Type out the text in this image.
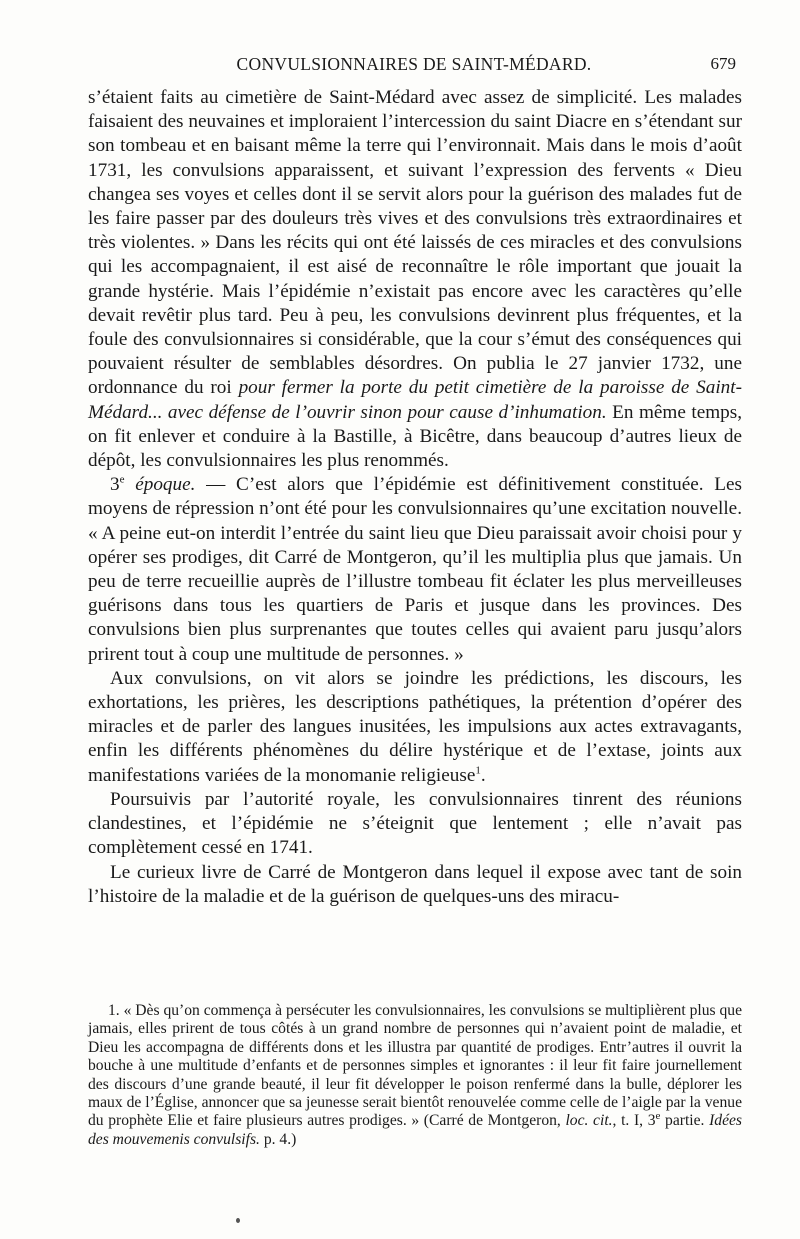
CONVULSIONNAIRES DE SAINT-MÉDARD.	679

s’étaient faits au cimetière de Saint-Médard avec assez de simplicité. Les malades faisaient des neuvaines et imploraient l’intercession du saint Diacre en s’étendant sur son tombeau et en baisant même la terre qui l’environnait. Mais dans le mois d’août 1731, les convulsions apparaissent, et suivant l’expression des fervents « Dieu changea ses voyes et celles dont il se servit alors pour la guérison des malades fut de les faire passer par des douleurs très vives et des convulsions très extraordinaires et très violentes. » Dans les récits qui ont été laissés de ces miracles et des convulsions qui les accompagnaient, il est aisé de reconnaître le rôle important que jouait la grande hystérie. Mais l’épidémie n’existait pas encore avec les caractères qu’elle devait revêtir plus tard. Peu à peu, les convulsions devinrent plus fréquentes, et la foule des convulsionnaires si considérable, que la cour s’émut des conséquences qui pouvaient résulter de semblables désordres. On publia le 27 janvier 1732, une ordonnance du roi pour fermer la porte du petit cimetière de la paroisse de Saint-Médard... avec défense de l’ouvrir sinon pour cause d’inhumation. En même temps, on fit enlever et conduire à la Bastille, à Bicêtre, dans beaucoup d’autres lieux de dépôt, les convulsionnaires les plus renommés.

3e époque. — C’est alors que l’épidémie est définitivement constituée. Les moyens de répression n’ont été pour les convulsionnaires qu’une excitation nouvelle. « A peine eut-on interdit l’entrée du saint lieu que Dieu paraissait avoir choisi pour y opérer ses prodiges, dit Carré de Montgeron, qu’il les multiplia plus que jamais. Un peu de terre recueillie auprès de l’illustre tombeau fit éclater les plus merveilleuses guérisons dans tous les quartiers de Paris et jusque dans les provinces. Des convulsions bien plus surprenantes que toutes celles qui avaient paru jusqu’alors prirent tout à coup une multitude de personnes. »

Aux convulsions, on vit alors se joindre les prédictions, les discours, les exhortations, les prières, les descriptions pathétiques, la prétention d’opérer des miracles et de parler des langues inusitées, les impulsions aux actes extravagants, enfin les différents phénomènes du délire hystérique et de l’extase, joints aux manifestations variées de la monomanie religieuse$^1$.

Poursuivis par l’autorité royale, les convulsionnaires tinrent des réunions clandestines, et l’épidémie ne s’éteignit que lentement ; elle n’avait pas complètement cessé en 1741.

Le curieux livre de Carré de Montgeron dans lequel il expose avec tant de soin l’histoire de la maladie et de la guérison de quelques-uns des miracu-

1. « Dès qu’on commença à persécuter les convulsionnaires, les convulsions se multiplièrent plus que jamais, elles prirent de tous côtés à un grand nombre de personnes qui n’avaient point de maladie, et Dieu les accompagna de différents dons et les illustra par quantité de prodiges. Entr’autres il ouvrit la bouche à une multitude d’enfants et de personnes simples et ignorantes : il leur fit faire journellement des discours d’une grande beauté, il leur fit développer le poison renfermé dans la bulle, déplorer les maux de l’Église, annoncer que sa jeunesse serait bientôt renouvelée comme celle de l’aigle par la venue du prophète Elie et faire plusieurs autres prodiges. » (Carré de Montgeron, loc. cit., t. I, 3e partie. Idées des mouvemenis convulsifs. p. 4.)
